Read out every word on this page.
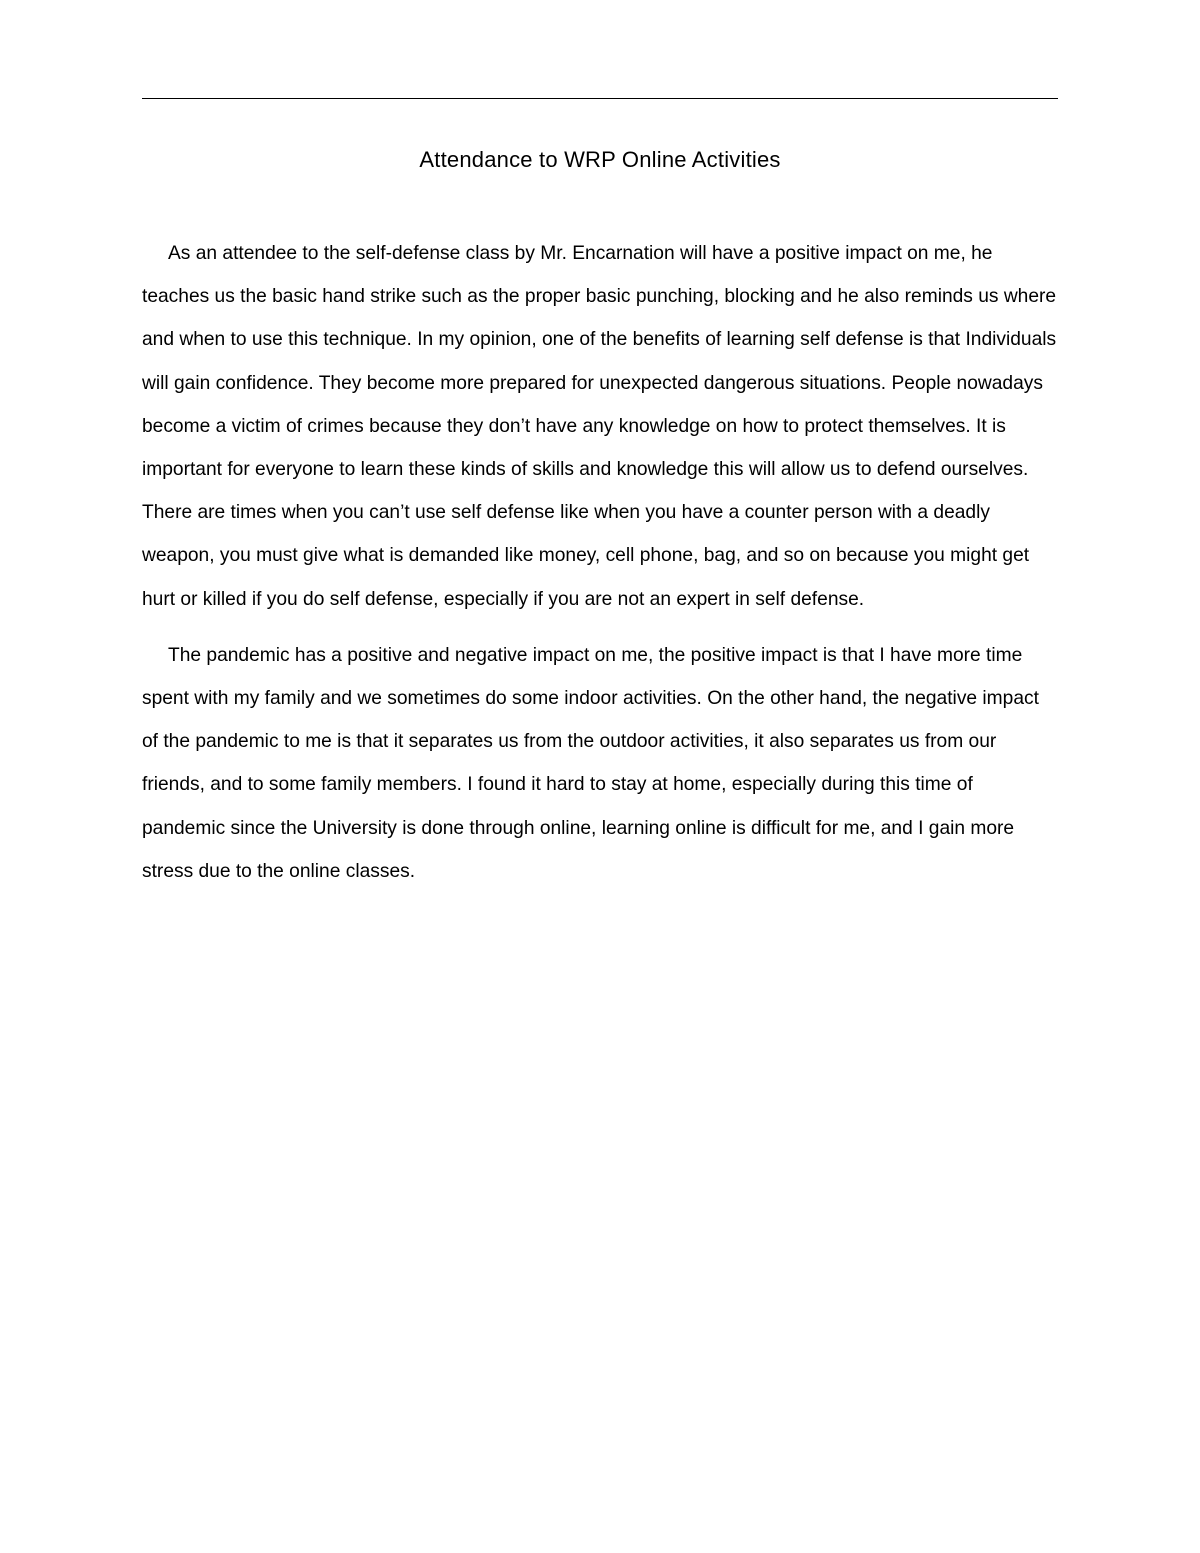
Attendance to WRP Online Activities

As an attendee to the self-defense class by Mr. Encarnation will have a positive impact on me, he teaches us the basic hand strike such as the proper basic punching, blocking and he also reminds us where and when to use this technique. In my opinion, one of the benefits of learning self defense is that Individuals will gain confidence. They become more prepared for unexpected dangerous situations. People nowadays become a victim of crimes because they don’t have any knowledge on how to protect themselves. It is important for everyone to learn these kinds of skills and knowledge this will allow us to defend ourselves. There are times when you can’t use self defense like when you have a counter person with a deadly weapon, you must give what is demanded like money, cell phone, bag, and so on because you might get hurt or killed if you do self defense, especially if you are not an expert in self defense.

The pandemic has a positive and negative impact on me, the positive impact is that I have more time spent with my family and we sometimes do some indoor activities. On the other hand, the negative impact of the pandemic to me is that it separates us from the outdoor activities, it also separates us from our friends, and to some family members. I found it hard to stay at home, especially during this time of pandemic since the University is done through online, learning online is difficult for me, and I gain more stress due to the online classes.
